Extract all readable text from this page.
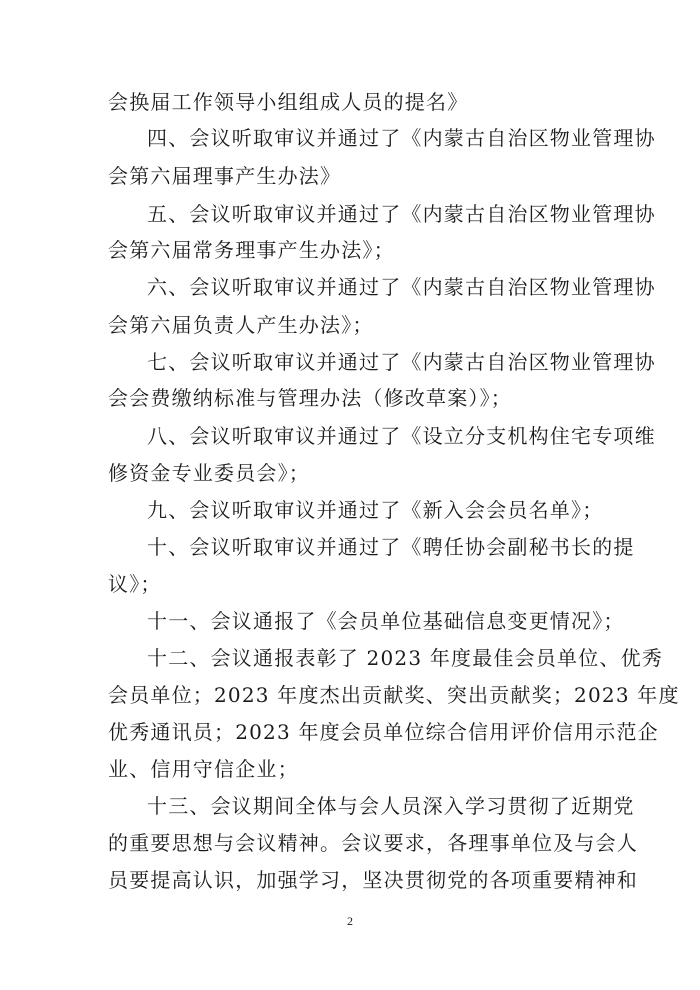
会换届工作领导小组组成人员的提名》
四、会议听取审议并通过了《内蒙古自治区物业管理协
会第六届理事产生办法》
五、会议听取审议并通过了《内蒙古自治区物业管理协
会第六届常务理事产生办法》；
六、会议听取审议并通过了《内蒙古自治区物业管理协
会第六届负责人产生办法》；
七、会议听取审议并通过了《内蒙古自治区物业管理协
会会费缴纳标准与管理办法（修改草案）》；
八、会议听取审议并通过了《设立分支机构住宅专项维
修资金专业委员会》；
九、会议听取审议并通过了《新入会会员名单》；
十、会议听取审议并通过了《聘任协会副秘书长的提
议》；
十一、会议通报了《会员单位基础信息变更情况》；
十二、会议通报表彰了 2023 年度最佳会员单位、优秀
会员单位；2023 年度杰出贡献奖、突出贡献奖；2023 年度
优秀通讯员；2023 年度会员单位综合信用评价信用示范企
业、信用守信企业；
十三、会议期间全体与会人员深入学习贯彻了近期党
的重要思想与会议精神。会议要求，各理事单位及与会人
员要提高认识，加强学习，坚决贯彻党的各项重要精神和
2
